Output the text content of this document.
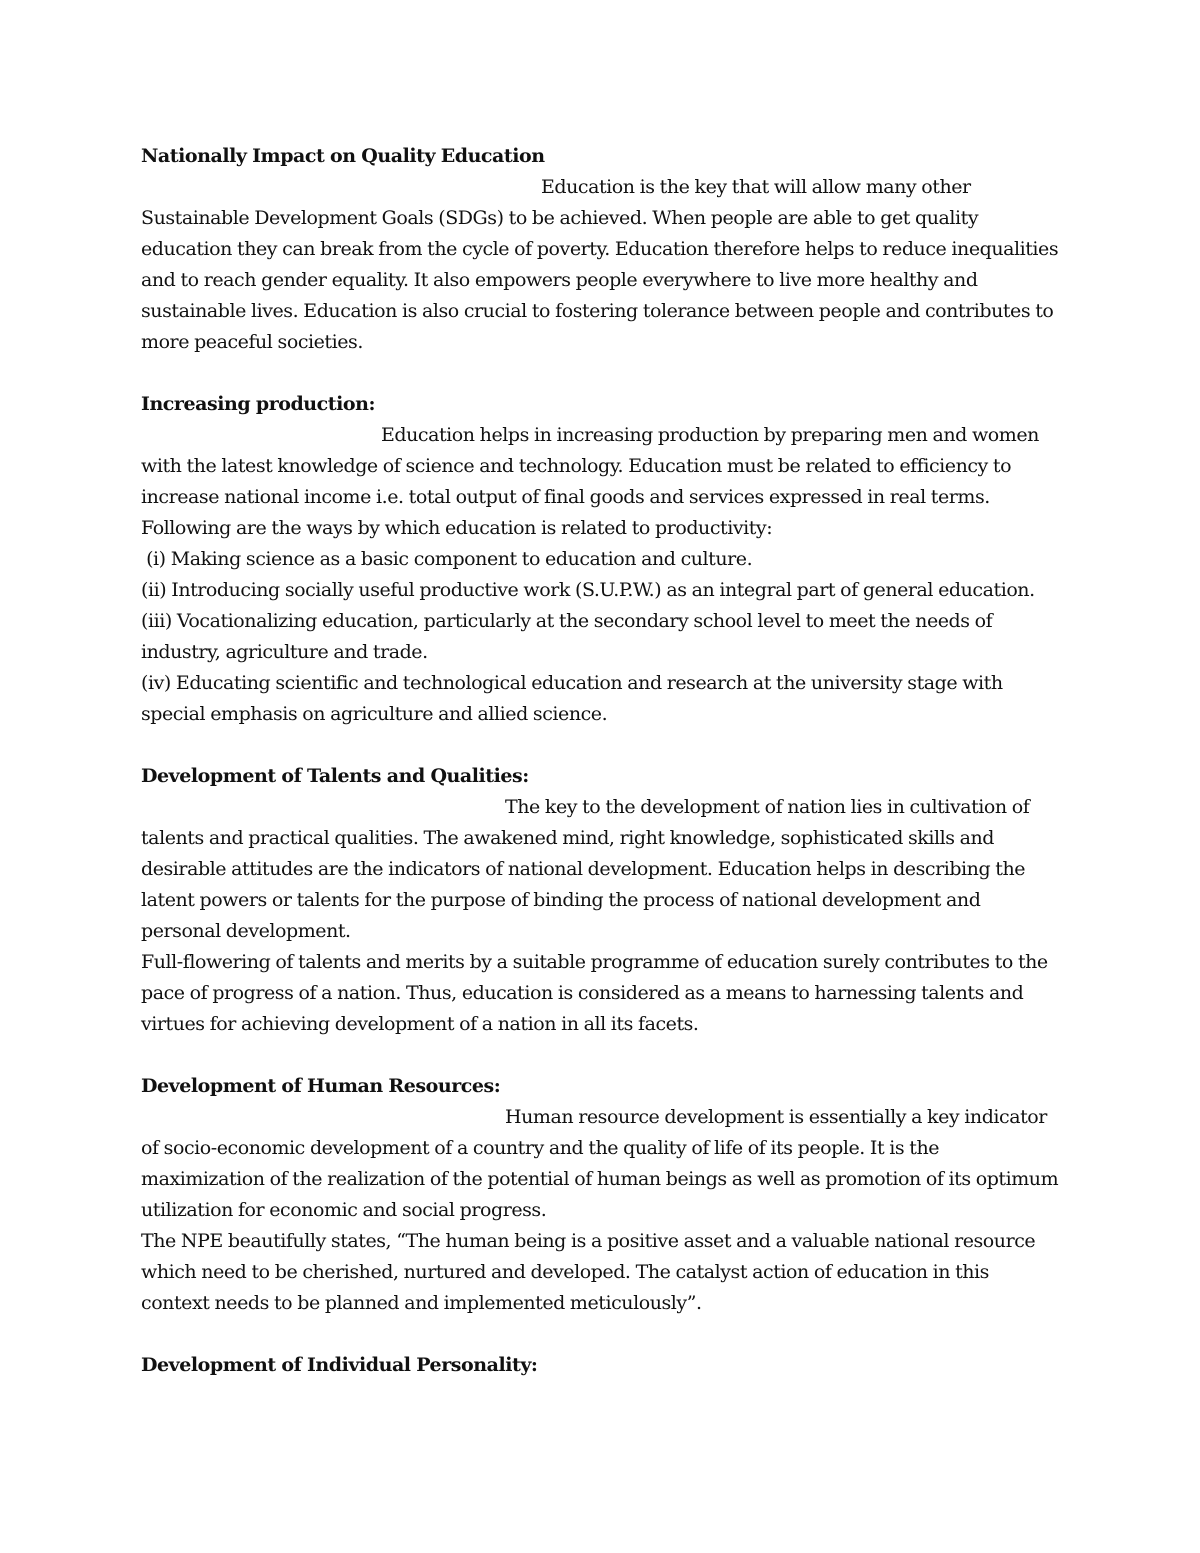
Nationally Impact on Quality Education

Education is the key that will allow many other Sustainable Development Goals (SDGs) to be achieved. When people are able to get quality education they can break from the cycle of poverty. Education therefore helps to reduce inequalities and to reach gender equality. It also empowers people everywhere to live more healthy and sustainable lives. Education is also crucial to fostering tolerance between people and contributes to more peaceful societies.

Increasing production:

Education helps in increasing production by preparing men and women with the latest knowledge of science and technology. Education must be related to efficiency to increase national income i.e. total output of final goods and services expressed in real terms.

Following are the ways by which education is related to productivity:

(i) Making science as a basic component to education and culture.

(ii) Introducing socially useful productive work (S.U.P.W.) as an integral part of general education.

(iii) Vocationalizing education, particularly at the secondary school level to meet the needs of industry, agriculture and trade.

(iv) Educating scientific and technological education and research at the university stage with special emphasis on agriculture and allied science.

Development of Talents and Qualities:

The key to the development of nation lies in cultivation of talents and practical qualities. The awakened mind, right knowledge, sophisticated skills and desirable attitudes are the indicators of national development. Education helps in describing the latent powers or talents for the purpose of binding the process of national development and personal development.

Full-flowering of talents and merits by a suitable programme of education surely contributes to the pace of progress of a nation. Thus, education is considered as a means to harnessing talents and virtues for achieving development of a nation in all its facets.

Development of Human Resources:

Human resource development is essentially a key indicator of socio-economic development of a country and the quality of life of its people. It is the maximization of the realization of the potential of human beings as well as promotion of its optimum utilization for economic and social progress.

The NPE beautifully states, “The human being is a positive asset and a valuable national resource which need to be cherished, nurtured and developed. The catalyst action of education in this context needs to be planned and implemented meticulously”.

Development of Individual Personality:
